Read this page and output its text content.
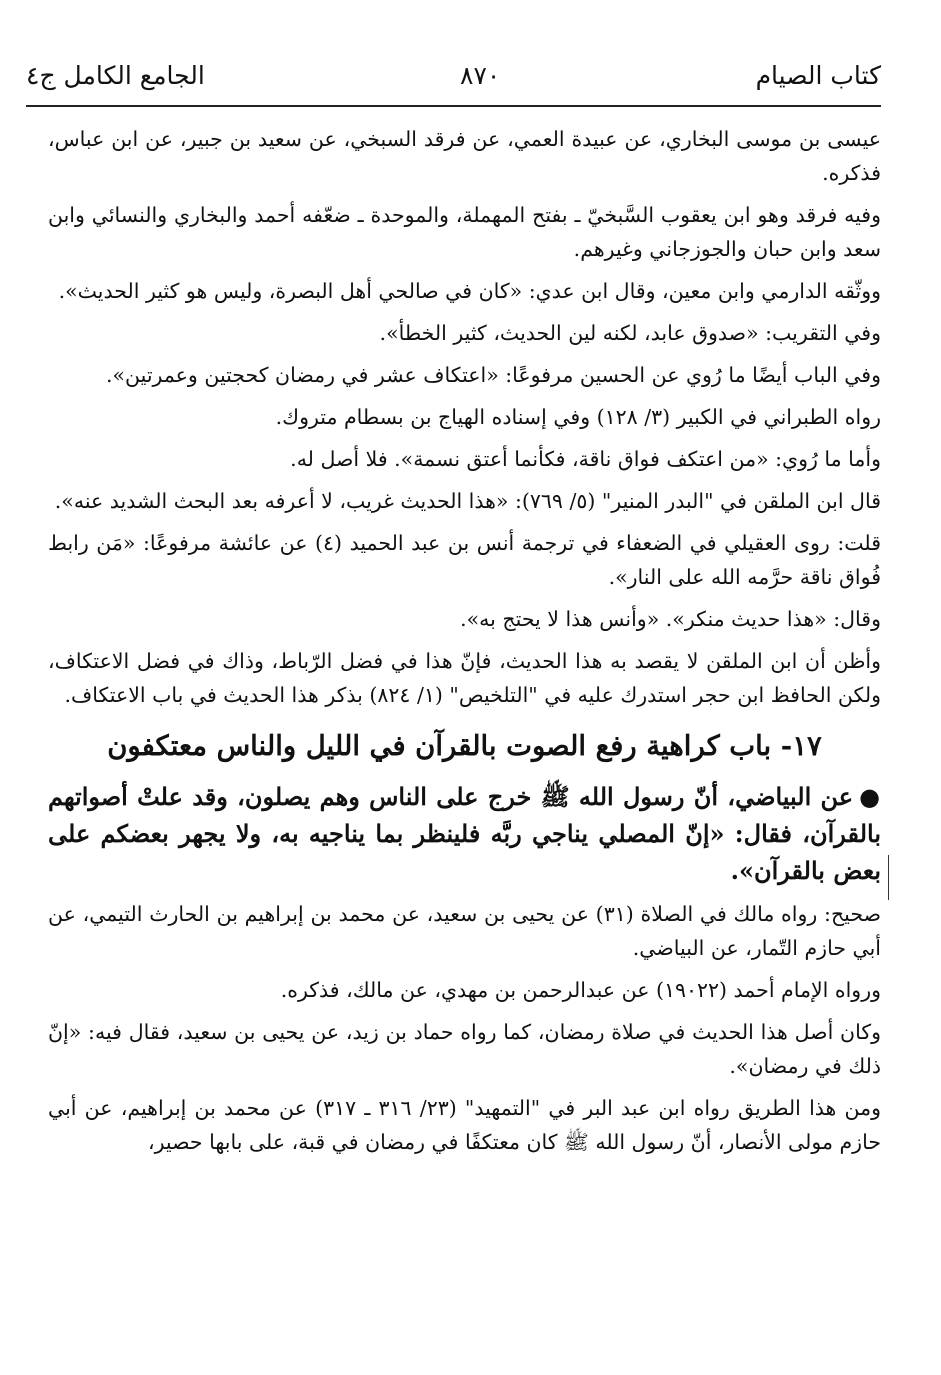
كتاب الصيام
٨٧٠
الجامع الكامل ج٤

عيسى بن موسى البخاري، عن عبيدة العمي، عن فرقد السبخي، عن سعيد بن جبير، عن ابن عباس، فذكره.

وفيه فرقد وهو ابن يعقوب السَّبخيّ ـ بفتح المهملة، والموحدة ـ ضعّفه أحمد والبخاري والنسائي وابن سعد وابن حبان والجوزجاني وغيرهم.

ووثّقه الدارمي وابن معين، وقال ابن عدي: «كان في صالحي أهل البصرة، وليس هو كثير الحديث».

وفي التقريب: «صدوق عابد، لكنه لين الحديث، كثير الخطأ».

وفي الباب أيضًا ما رُوي عن الحسين مرفوعًا: «اعتكاف عشر في رمضان كحجتين وعمرتين».

رواه الطبراني في الكبير (٣/ ١٢٨) وفي إسناده الهياج بن بسطام متروك.

وأما ما رُوي: «من اعتكف فواق ناقة، فكأنما أعتق نسمة». فلا أصل له.

قال ابن الملقن في "البدر المنير" (٥/ ٧٦٩): «هذا الحديث غريب، لا أعرفه بعد البحث الشديد عنه».

قلت: روى العقيلي في الضعفاء في ترجمة أنس بن عبد الحميد (٤) عن عائشة مرفوعًا: «مَن رابط فُواق ناقة حرَّمه الله على النار».

وقال: «هذا حديث منكر». «وأنس هذا لا يحتج به».

وأظن أن ابن الملقن لا يقصد به هذا الحديث، فإنّ هذا في فضل الرّباط، وذاك في فضل الاعتكاف، ولكن الحافظ ابن حجر استدرك عليه في "التلخيص" (١/ ٨٢٤) بذكر هذا الحديث في باب الاعتكاف.

١٧- باب كراهية رفع الصوت بالقرآن في الليل والناس معتكفون

●عن البياضي، أنّ رسول الله ﷺ خرج على الناس وهم يصلون، وقد علتْ أصواتهم بالقرآن، فقال: «إنّ المصلي يناجي ربَّه فلينظر بما يناجيه به، ولا يجهر بعضكم على بعض بالقرآن».

صحيح: رواه مالك في الصلاة (٣١) عن يحيى بن سعيد، عن محمد بن إبراهيم بن الحارث التيمي، عن أبي حازم التّمار، عن البياضي.

ورواه الإمام أحمد (١٩٠٢٢) عن عبدالرحمن بن مهدي، عن مالك، فذكره.

وكان أصل هذا الحديث في صلاة رمضان، كما رواه حماد بن زيد، عن يحيى بن سعيد، فقال فيه: «إنّ ذلك في رمضان».

ومن هذا الطريق رواه ابن عبد البر في "التمهيد" (٢٣/ ٣١٦ ـ ٣١٧) عن محمد بن إبراهيم، عن أبي حازم مولى الأنصار، أنّ رسول الله ﷺ كان معتكفًا في رمضان في قبة، على بابها حصير،
